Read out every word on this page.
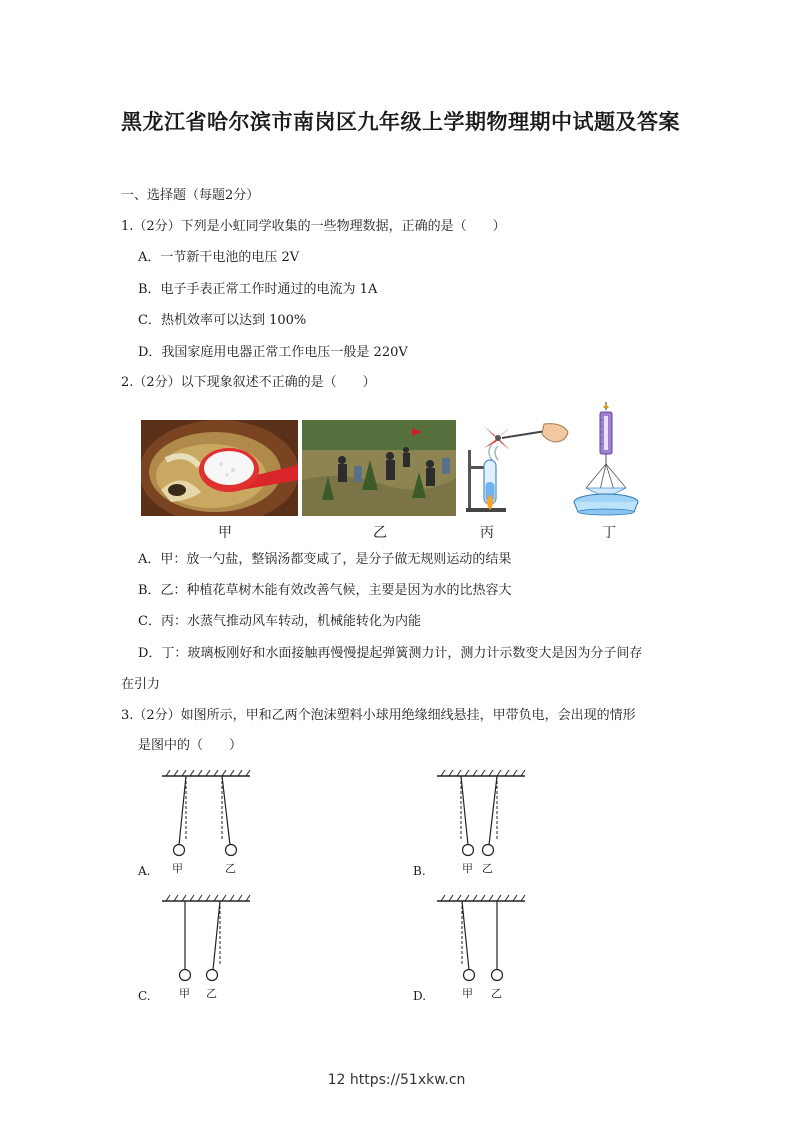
黑龙江省哈尔滨市南岗区九年级上学期物理期中试题及答案
一、选择题（每题2分）
1.（2分）下列是小虹同学收集的一些物理数据，正确的是（　　）
A．一节新干电池的电压 2V
B．电子手表正常工作时通过的电流为 1A
C．热机效率可以达到 100%
D．我国家庭用电器正常工作电压一般是 220V
2.（2分）以下现象叙述不正确的是（　　）
甲	乙	丙	丁
A．甲：放一勺盐，整锅汤都变咸了，是分子做无规则运动的结果
B．乙：种植花草树木能有效改善气候，主要是因为水的比热容大
C．丙：水蒸气推动风车转动，机械能转化为内能
D．丁：玻璃板刚好和水面接触再慢慢提起弹簧测力计，测力计示数变大是因为分子间存
在引力
3.（2分）如图所示，甲和乙两个泡沫塑料小球用绝缘细线悬挂，甲带负电，会出现的情形
是图中的（　　）
甲	乙
A.	甲 乙
B.
甲 乙
C.	甲 乙
D.
12 https://51xkw.cn
